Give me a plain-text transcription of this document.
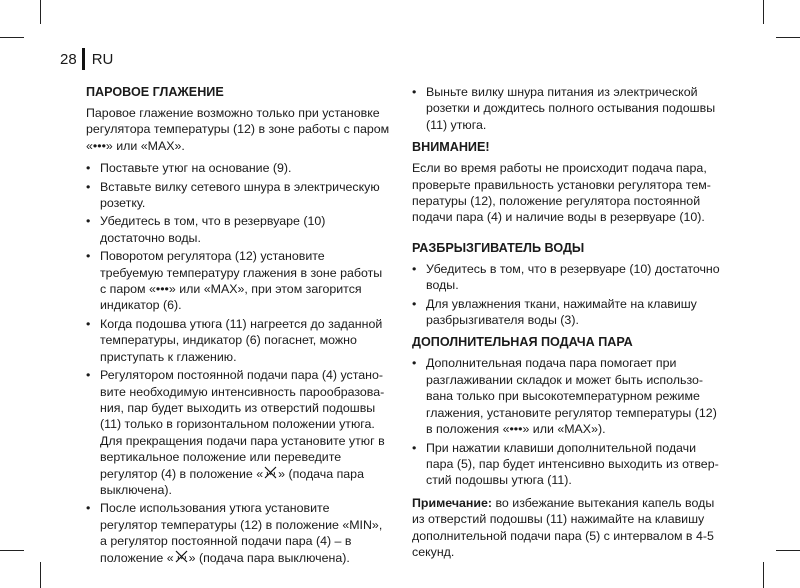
28	RU
ПАРОВОЕ ГЛАЖЕНИЕ

Паровое глажение возможно только при установке регулятора температуры (12) в зоне работы с паром «•••» или «MAX».

• Поставьте утюг на основание (9).
• Вставьте вилку сетевого шнура в электрическую розетку.
• Убедитесь в том, что в резервуаре (10) достаточно воды.
• Поворотом регулятора (12) установите требуемую температуру глажения в зоне работы с паром «•••» или «MAX», при этом загорится индикатор (6).
• Когда подошва утюга (11) нагреется до заданной температуры, индикатор (6) погаснет, можно приступать к глажению.
• Регулятором постоянной подачи пара (4) устано-вите необходимую интенсивность парообразова-ния, пар будет выходить из отверстий подошвы (11) только в горизонтальном положении утюга. Для прекращения подачи пара установите утюг в вертикальное положение или переведите регулятор (4) в положение « » (подача пара выключена).
• После использования утюга установите регулятор температуры (12) в положение «MIN», а регулятор постоянной подачи пара (4) – в положение « » (подача пара выключена).
• Выньте вилку шнура питания из электрической розетки и дождитесь полного остывания подошвы (11) утюга.
ВНИМАНИЕ!

Если во время работы не происходит подача пара, проверьте правильность установки регулятора тем-пературы (12), положение регулятора постоянной подачи пара (4) и наличие воды в резервуаре (10).

РАЗБРЫЗГИВАТЕЛЬ ВОДЫ
• Убедитесь в том, что в резервуаре (10) достаточно воды.
• Для увлажнения ткани, нажимайте на клавишу разбрызгивателя воды (3).
ДОПОЛНИТЕЛЬНАЯ ПОДАЧА ПАРА
• Дополнительная подача пара помогает при разглаживании складок и может быть использо-вана только при высокотемпературном режиме глажения, установите регулятор температуры (12) в положения «•••» или «MAX»).
• При нажатии клавиши дополнительной подачи пара (5), пар будет интенсивно выходить из отвер-стий подошвы утюга (11).

Примечание: во избежание вытекания капель воды из отверстий подошвы (11) нажимайте на клавишу дополнительной подачи пара (5) с интервалом в 4-5 секунд.
